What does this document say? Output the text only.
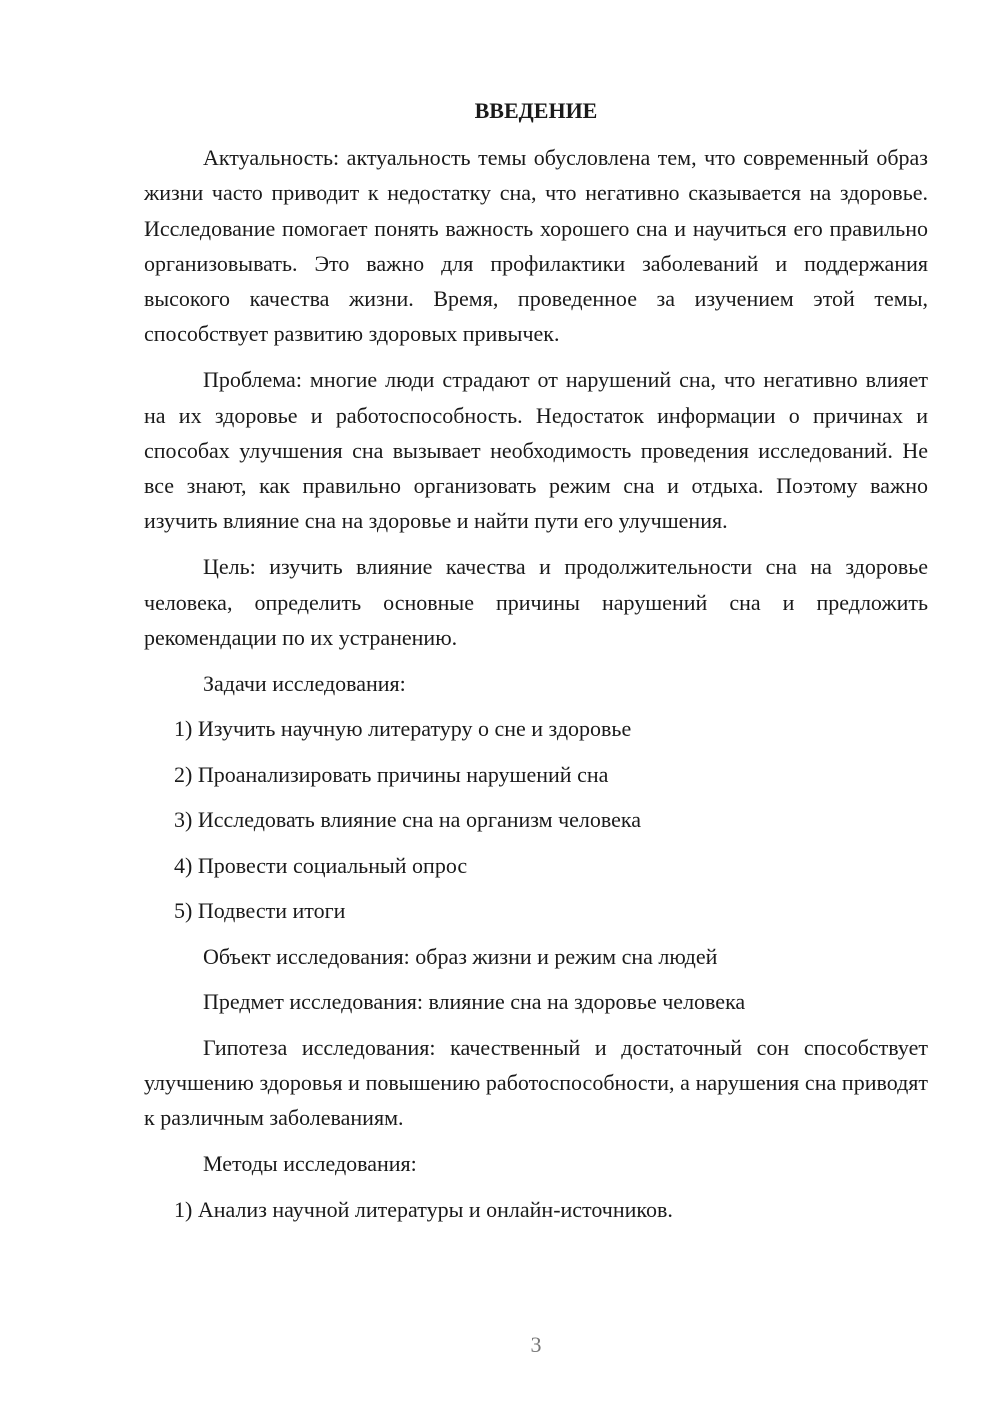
ВВЕДЕНИЕ

Актуальность: актуальность темы обусловлена тем, что современный образ жизни часто приводит к недостатку сна, что негативно сказывается на здоровье. Исследование помогает понять важность хорошего сна и научиться его правильно организовывать. Это важно для профилактики заболеваний и поддержания высокого качества жизни. Время, проведенное за изучением этой темы, способствует развитию здоровых привычек.

Проблема: многие люди страдают от нарушений сна, что негативно влияет на их здоровье и работоспособность. Недостаток информации о причинах и способах улучшения сна вызывает необходимость проведения исследований. Не все знают, как правильно организовать режим сна и отдыха. Поэтому важно изучить влияние сна на здоровье и найти пути его улучшения.

Цель: изучить влияние качества и продолжительности сна на здоровье человека, определить основные причины нарушений сна и предложить рекомендации по их устранению.

Задачи исследования:
1) Изучить научную литературу о сне и здоровье
2) Проанализировать причины нарушений сна
3) Исследовать влияние сна на организм человека
4) Провести социальный опрос
5) Подвести итоги
Объект исследования: образ жизни и режим сна людей
Предмет исследования: влияние сна на здоровье человека

Гипотеза исследования: качественный и достаточный сон способствует улучшению здоровья и повышению работоспособности, а нарушения сна приводят к различным заболеваниям.

Методы исследования:
1) Анализ научной литературы и онлайн-источников.
3
